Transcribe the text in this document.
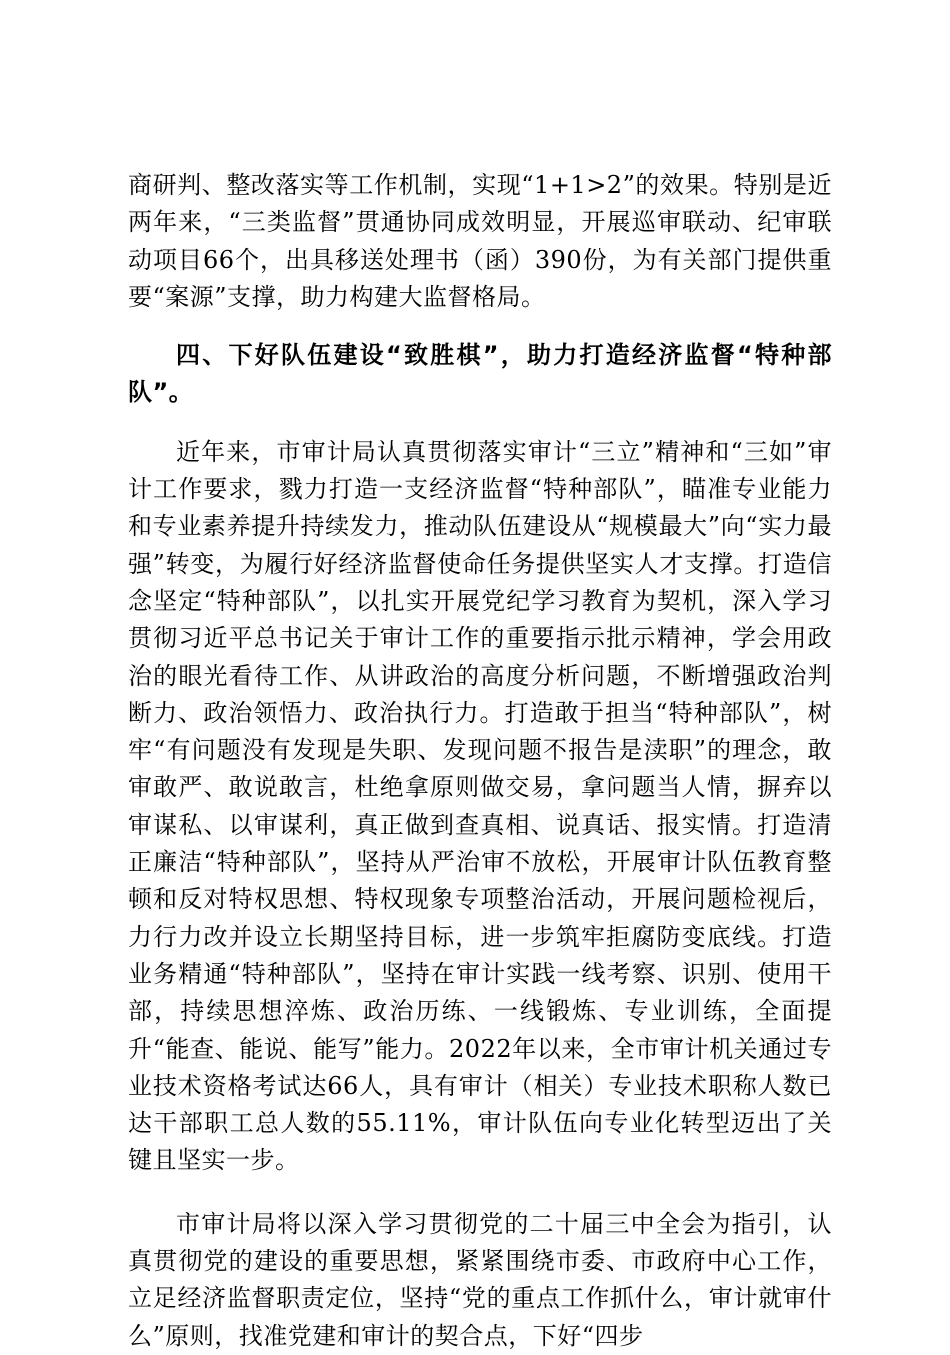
商研判、整改落实等工作机制，实现“1+1>2”的效果。特别是近两年来，“三类监督”贯通协同成效明显，开展巡审联动、纪审联动项目66个，出具移送处理书（函）390份，为有关部门提供重要“案源”支撑，助力构建大监督格局。

四、下好队伍建设“致胜棋”，助力打造经济监督“特种部队”。

近年来，市审计局认真贯彻落实审计“三立”精神和“三如”审计工作要求，戮力打造一支经济监督“特种部队”，瞄准专业能力和专业素养提升持续发力，推动队伍建设从“规模最大”向“实力最强”转变，为履行好经济监督使命任务提供坚实人才支撑。打造信念坚定“特种部队”，以扎实开展党纪学习教育为契机，深入学习贯彻习近平总书记关于审计工作的重要指示批示精神，学会用政治的眼光看待工作、从讲政治的高度分析问题，不断增强政治判断力、政治领悟力、政治执行力。打造敢于担当“特种部队”，树牢“有问题没有发现是失职、发现问题不报告是渎职”的理念，敢审敢严、敢说敢言，杜绝拿原则做交易，拿问题当人情，摒弃以审谋私、以审谋利，真正做到查真相、说真话、报实情。打造清正廉洁“特种部队”，坚持从严治审不放松，开展审计队伍教育整顿和反对特权思想、特权现象专项整治活动，开展问题检视后，力行力改并设立长期坚持目标，进一步筑牢拒腐防变底线。打造业务精通“特种部队”，坚持在审计实践一线考察、识别、使用干部，持续思想淬炼、政治历练、一线锻炼、专业训练，全面提升“能查、能说、能写”能力。2022年以来，全市审计机关通过专业技术资格考试达66人，具有审计（相关）专业技术职称人数已达干部职工总人数的55.11%，审计队伍向专业化转型迈出了关键且坚实一步。

市审计局将以深入学习贯彻党的二十届三中全会为指引，认真贯彻党的建设的重要思想，紧紧围绕市委、市政府中心工作，立足经济监督职责定位，坚持“党的重点工作抓什么，审计就审什么”原则，找准党建和审计的契合点，下好“四步
